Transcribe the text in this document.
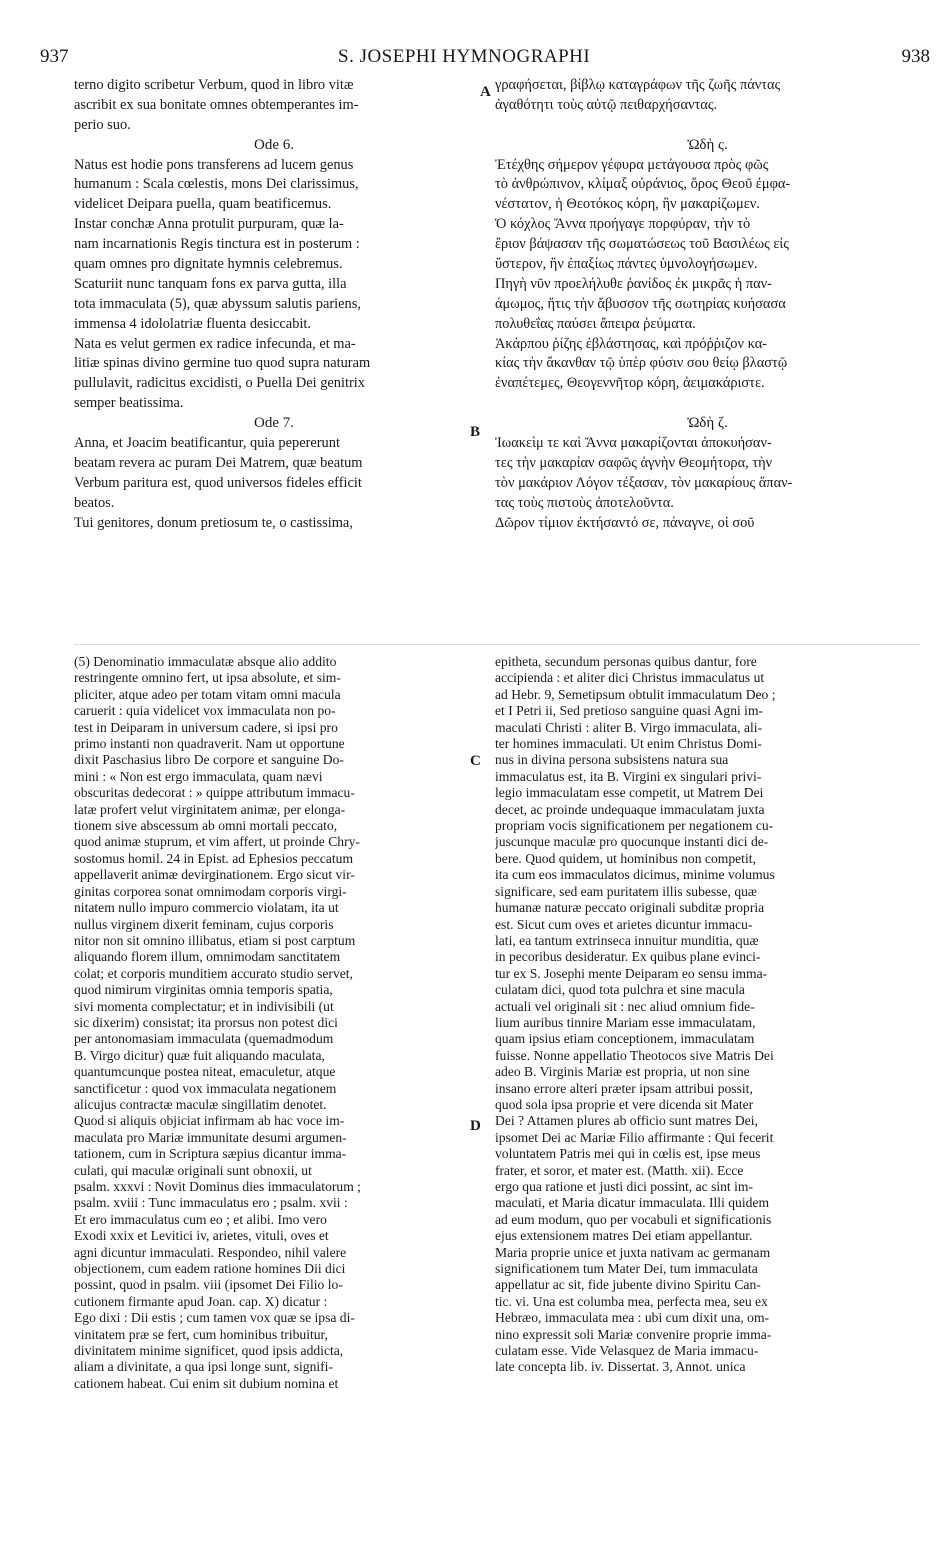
937	S. JOSEPHI HYMNOGRAPHI	938
A
B
C
D
terno digito scribetur Verbum, quod in libro vitæ
ascribit ex sua bonitate omnes obtemperantes im-
perio suo.
Ode 6.
Natus est hodie pons transferens ad lucem genus
humanum : Scala cœlestis, mons Dei clarissimus,
videlicet Deipara puella, quam beatificemus.
Instar conchæ Anna protulit purpuram, quæ la-
nam incarnationis Regis tinctura est in posterum :
quam omnes pro dignitate hymnis celebremus.
Scaturiit nunc tanquam fons ex parva gutta, illa
tota immaculata (5), quæ abyssum salutis pariens,
immensa 4 idololatriæ fluenta desiccabit.
Nata es velut germen ex radice infecunda, et ma-
litiæ spinas divino germine tuo quod supra naturam
pullulavit, radicitus excidisti, o Puella Dei genitrix
semper beatissima.
Ode 7.
Anna, et Joacim beatificantur, quia pepererunt
beatam revera ac puram Dei Matrem, quæ beatum
Verbum paritura est, quod universos fideles efficit
beatos.
Tui genitores, donum pretiosum te, o castissima,
γραφήσεται, βίβλῳ καταγράφων τῆς ζωῆς πάντας
ἀγαθότητι τοὺς αὐτῷ πειθαρχήσαντας.
Ὠδὴ ς.
Ἐτέχθης σήμερον γέφυρα μετάγουσα πρὸς φῶς
τὸ ἀνθρώπινον, κλίμαξ οὐράνιος, ὄρος Θεοῦ ἐμφα-
νέστατον, ἡ Θεοτόκος κόρη, ἣν μακαρίζωμεν.
Ὁ κόχλος Ἄννα προήγαγε πορφύραν, τὴν τὸ
ἔριον βάψασαν τῆς σωματώσεως τοῦ Βασιλέως εἰς
ὕστερον, ἣν ἐπαξίως πάντες ὑμνολογήσωμεν.
Πηγὴ νῦν προελήλυθε ῥανίδος ἐκ μικρᾶς ἡ παν-
άμωμος, ἥτις τὴν ἄβυσσον τῆς σωτηρίας κυήσασα
πολυθεΐας παύσει ἄπειρα ῥεύματα.
Ἀκάρπου ῥίζης ἐβλάστησας, καὶ πρόῤῥιζον κα-
κίας τὴν ἄκανθαν τῷ ὑπὲρ φύσιν σου θείῳ βλαστῷ
ἐναπέτεμες, Θεογεννῆτορ κόρη, ἀειμακάριστε.
Ὠδὴ ζ.
Ἰωακεὶμ τε καὶ Ἄννα μακαρίζονται ἀποκυήσαν-
τες τὴν μακαρίαν σαφῶς ἁγνὴν Θεομήτορα, τὴν
τὸν μακάριον Λόγον τέξασαν, τὸν μακαρίους ἅπαν-
τας τοὺς πιστοὺς ἀποτελοῦντα.
Δῶρον τίμιον ἐκτήσαντό σε, πάναγνε, οἱ σοῦ
(5) Denominatio immaculatæ absque alio addito
restringente omnino fert, ut ipsa absolute, et sim-
pliciter, atque adeo per totam vitam omni macula
caruerit : quia videlicet vox immaculata non po-
test in Deiparam in universum cadere, si ipsi pro
primo instanti non quadraverit. Nam ut opportune
dixit Paschasius libro De corpore et sanguine Do-
mini : « Non est ergo immaculata, quam nævi
obscuritas dedecorat : » quippe attributum immacu-
latæ profert velut virginitatem animæ, per elonga-
tionem sive abscessum ab omni mortali peccato,
quod animæ stuprum, et vim affert, ut proinde Chry-
sostomus homil. 24 in Epist. ad Ephesios peccatum
appellaverit animæ devirginationem. Ergo sicut vir-
ginitas corporea sonat omnimodam corporis virgi-
nitatem nullo impuro commercio violatam, ita ut
nullus virginem dixerit feminam, cujus corporis
nitor non sit omnino illibatus, etiam si post carptum
aliquando florem illum, omnimodam sanctitatem
colat; et corporis munditiem accurato studio servet,
quod nimirum virginitas omnia temporis spatia,
sivi momenta complectatur; et in indivisibili (ut
sic dixerim) consistat; ita prorsus non potest dici
per antonomasiam immaculata (quemadmodum
B. Virgo dicitur) quæ fuit aliquando maculata,
quantumcunque postea niteat, emaculetur, atque
sanctificetur : quod vox immaculata negationem
alicujus contractæ maculæ singillatim denotet.
Quod si aliquis objiciat infirmam ab hac voce im-
maculata pro Mariæ immunitate desumi argumen-
tationem, cum in Scriptura sæpius dicantur imma-
culati, qui maculæ originali sunt obnoxii, ut
psalm. xxxvi : Novit Dominus dies immaculatorum ;
psalm. xviii : Tunc immaculatus ero ; psalm. xvii :
Et ero immaculatus cum eo ; et alibi. Imo vero
Exodi xxix et Levitici iv, arietes, vituli, oves et
agni dicuntur immaculati. Respondeo, nihil valere
objectionem, cum eadem ratione homines Dii dici
possint, quod in psalm. viii (ipsomet Dei Filio lo-
cutionem firmante apud Joan. cap. X) dicatur :
Ego dixi : Dii estis ; cum tamen vox quæ se ipsa di-
vinitatem præ se fert, cum hominibus tribuitur,
divinitatem minime significet, quod ipsis addicta,
aliam a divinitate, a qua ipsi longe sunt, signifi-
cationem habeat. Cui enim sit dubium nomina et
epitheta, secundum personas quibus dantur, fore
accipienda : et aliter dici Christus immaculatus ut
ad Hebr. 9, Semetipsum obtulit immaculatum Deo ;
et I Petri ii, Sed pretioso sanguine quasi Agni im-
maculati Christi : aliter B. Virgo immaculata, ali-
ter homines immaculati. Ut enim Christus Domi-
nus in divina persona subsistens natura sua
immaculatus est, ita B. Virgini ex singulari privi-
legio immaculatam esse competit, ut Matrem Dei
decet, ac proinde undequaque immaculatam juxta
propriam vocis significationem per negationem cu-
juscunque maculæ pro quocunque instanti dici de-
bere. Quod quidem, ut hominibus non competit,
ita cum eos immaculatos dicimus, minime volumus
significare, sed eam puritatem illis subesse, quæ
humanæ naturæ peccato originali subditæ propria
est. Sicut cum oves et arietes dicuntur immacu-
lati, ea tantum extrinseca innuitur munditia, quæ
in pecoribus desideratur. Ex quibus plane evinci-
tur ex S. Josephi mente Deiparam eo sensu imma-
culatam dici, quod tota pulchra et sine macula
actuali vel originali sit : nec aliud omnium fide-
lium auribus tinnire Mariam esse immaculatam,
quam ipsius etiam conceptionem, immaculatam
fuisse. Nonne appellatio Theotocos sive Matris Dei
adeo B. Virginis Mariæ est propria, ut non sine
insano errore alteri præter ipsam attribui possit,
quod sola ipsa proprie et vere dicenda sit Mater
Dei ? Attamen plures ab officio sunt matres Dei,
ipsomet Dei ac Mariæ Filio affirmante : Qui fecerit
voluntatem Patris mei qui in cœlis est, ipse meus
frater, et soror, et mater est. (Matth. xii). Ecce
ergo qua ratione et justi dici possint, ac sint im-
maculati, et Maria dicatur immaculata. Illi quidem
ad eum modum, quo per vocabuli et significationis
ejus extensionem matres Dei etiam appellantur.
Maria proprie unice et juxta nativam ac germanam
significationem tum Mater Dei, tum immaculata
appellatur ac sit, fide jubente divino Spiritu Can-
tic. vi. Una est columba mea, perfecta mea, seu ex
Hebræo, immaculata mea : ubi cum dixit una, om-
nino expressit soli Mariæ convenire proprie imma-
culatam esse. Vide Velasquez de Maria immacu-
late concepta lib. iv. Dissertat. 3, Annot. unica
